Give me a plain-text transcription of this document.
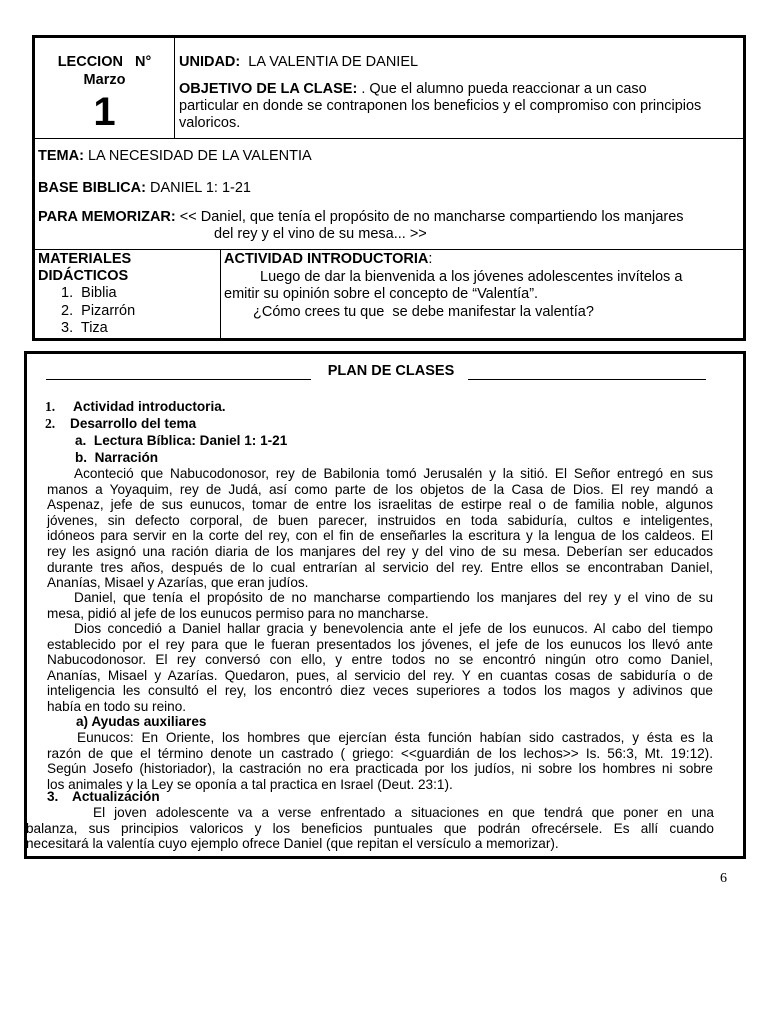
LECCION   N°
Marzo
1
UNIDAD: LA VALENTIA DE DANIEL
OBJETIVO DE LA CLASE: . Que el alumno pueda reaccionar a un caso
particular en donde se contraponen los beneficios y el compromiso con principios
valoricos.
TEMA: LA NECESIDAD DE LA VALENTIA
BASE BIBLICA: DANIEL 1: 1-21
PARA MEMORIZAR: << Daniel, que tenía el propósito de no mancharse compartiendo los manjares
del rey y el vino de su mesa... >>
MATERIALES
DIDÁCTICOS
1.  Biblia
2.  Pizarrón
3.  Tiza
ACTIVIDAD INTRODUCTORIA:
Luego de dar la bienvenida a los jóvenes adolescentes invítelos a
emitir su opinión sobre el concepto de “Valentía”.
¿Cómo crees tu que  se debe manifestar la valentía?
PLAN DE CLASES
1. Actividad introductoria.
2. Desarrollo del tema
a.  Lectura Bíblica: Daniel 1: 1-21
b.  Narración
Aconteció que Nabucodonosor, rey de Babilonia tomó Jerusalén y la sitió. El Señor entregó en sus
manos a Yoyaquim, rey de Judá, así como parte de los objetos de la Casa de Dios. El rey mandó a
Aspenaz, jefe de sus eunucos, tomar de entre los israelitas de estirpe real o de familia noble, algunos
jóvenes, sin defecto corporal, de buen parecer, instruidos en toda sabiduría, cultos e inteligentes,
idóneos para servir en la corte del rey, con el fin de enseñarles la escritura y la lengua de los caldeos. El
rey les asignó una ración diaria de los manjares del rey y del vino de su mesa. Deberían ser educados
durante tres años, después de lo cual entrarían al servicio del rey. Entre ellos se encontraban Daniel,
Ananías, Misael y Azarías, que eran judíos.
Daniel, que tenía el propósito de no mancharse compartiendo los manjares del rey y el vino de su
mesa, pidió al jefe de los eunucos permiso para no mancharse.
Dios concedió a Daniel hallar gracia y benevolencia ante el jefe de los eunucos. Al cabo del tiempo
establecido por el rey para que le fueran presentados los jóvenes, el jefe de los eunucos los llevó ante
Nabucodonosor. El rey conversó con ello, y entre todos no se encontró ningún otro como Daniel,
Ananías, Misael y Azarías. Quedaron, pues, al servicio del rey. Y en cuantas cosas de sabiduría o de
inteligencia les consultó el rey, los encontró diez veces superiores a todos los magos y adivinos que
había en todo su reino.
a) Ayudas auxiliares
Eunucos: En Oriente, los hombres que ejercían ésta función habían sido castrados, y ésta es la
razón de que el término denote un castrado ( griego: <<guardián de los lechos>> Is. 56:3, Mt. 19:12).
Según Josefo (historiador), la castración no era practicada por los judíos, ni sobre los hombres ni sobre
los animales y la Ley se oponía a tal practica en Israel (Deut. 23:1).
3. Actualización
El joven adolescente va a verse enfrentado a situaciones en que tendrá que poner en una
balanza, sus principios valoricos y los beneficios puntuales que podrán ofrecérsele. Es allí cuando
necesitará la valentía cuyo ejemplo ofrece Daniel (que repitan el versículo a memorizar).
6
